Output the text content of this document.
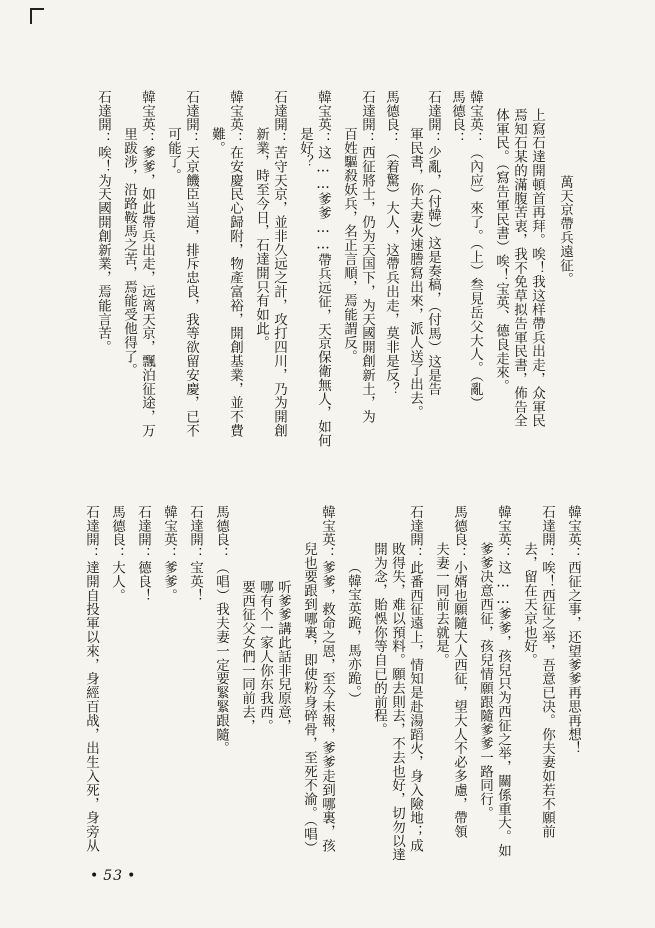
萬天京帶兵遠征。
上寫石達開頓首再拜。唉！我这样帶兵出走，众軍民
焉知石某的滿腹苦衷，我不免草拟告軍民書，佈告全
体軍民。（寫告軍民書）唉！宝英、德良走來。
韓宝英：（內应）來了。（上）叁見岳父大人。（亂）
馬德良：
石達開：少亂，（付韓）这是奏稿，（付馬）这是告
軍民書，你夫妻火速謄寫出來，派人送了出去。
馬德良：（着驚）大人，这帶兵出走，莫非是反？
石達開：西征將士，仍为天国下，为天國開創新土，为
百姓驅殺妖兵，名正言順，焉能謂反。
韓宝英：这……爹爹……帶兵远征，天京保衛無人，如何
是好？
石達開：苦守天京，並非久远之計，攻打四川，乃为開創
新業，時至今日，石達開只有如此。
韓宝英：在安慶民心歸附，物產富裕，開創基業，並不費
難。
石達開：天京饑臣当道，排斥忠良，我等欲留安慶，已不
可能了。
韓宝英：爹爹，如此帶兵出走，远离天京，飄泊征途，万
里跋涉，沿路鞍馬之苦，焉能受他得了。
石達開：唉！为天國開創新業，焉能言苦。
韓宝英：西征之事，还望爹爹再思再想！
石達開：唉！西征之举，吾意已决。你夫妻如若不願前
去，留在天京也好。
韓宝英：这……爹爹，孩兒只为西征之举，關係重大。如
爹爹决意西征，孩兒情願跟隨爹爹一路同行。
馬德良：小婿也願隨大人西征，望大人不必多慮，帶領
夫妻一同前去就是。
石達開：此番西征遠上，情知是赴湯蹈火，身入險地；成
敗得失，难以預料。願去則去，不去也好，切勿以達
開为念，貽悞你等自已的前程。
（韓宝英跪，馬亦跪。）
韓宝英：爹爹，救命之恩，至今未報，爹爹走到哪裏，孩
兒也要跟到哪裏，即使粉身碎骨，至死不渝。（唱）
听爹爹講此話非兒原意，
哪有个一家人你东我西。
要西征父女們一同前去，
馬德良：（唱）我夫妻一定要緊緊跟隨。
石達開：宝英！
韓宝英：爹爹。
石達開：德良！
馬德良：大人。
石達開：達開自投軍以來，身經百战，出生入死，身旁从
• 53 •
